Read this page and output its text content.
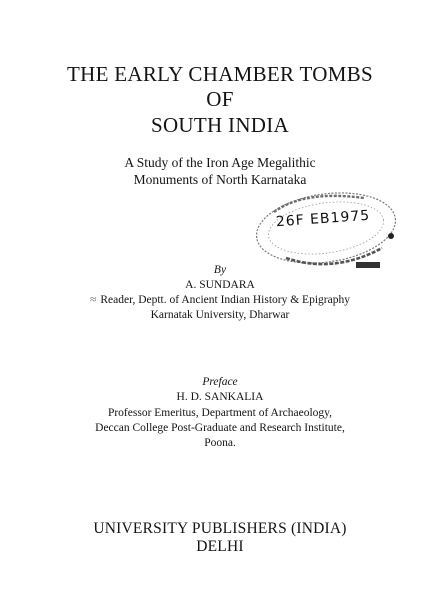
THE EARLY CHAMBER TOMBS
OF
SOUTH INDIA
A Study of the Iron Age Megalithic
Monuments of North Karnataka
26F EB1975
By
A. SUNDARA
≈ Reader, Deptt. of Ancient Indian History & Epigraphy
Karnatak University, Dharwar
Preface
H. D. SANKALIA
Professor Emeritus, Department of Archaeology,
Deccan College Post-Graduate and Research Institute,
Poona.
UNIVERSITY PUBLISHERS (INDIA)
DELHI
